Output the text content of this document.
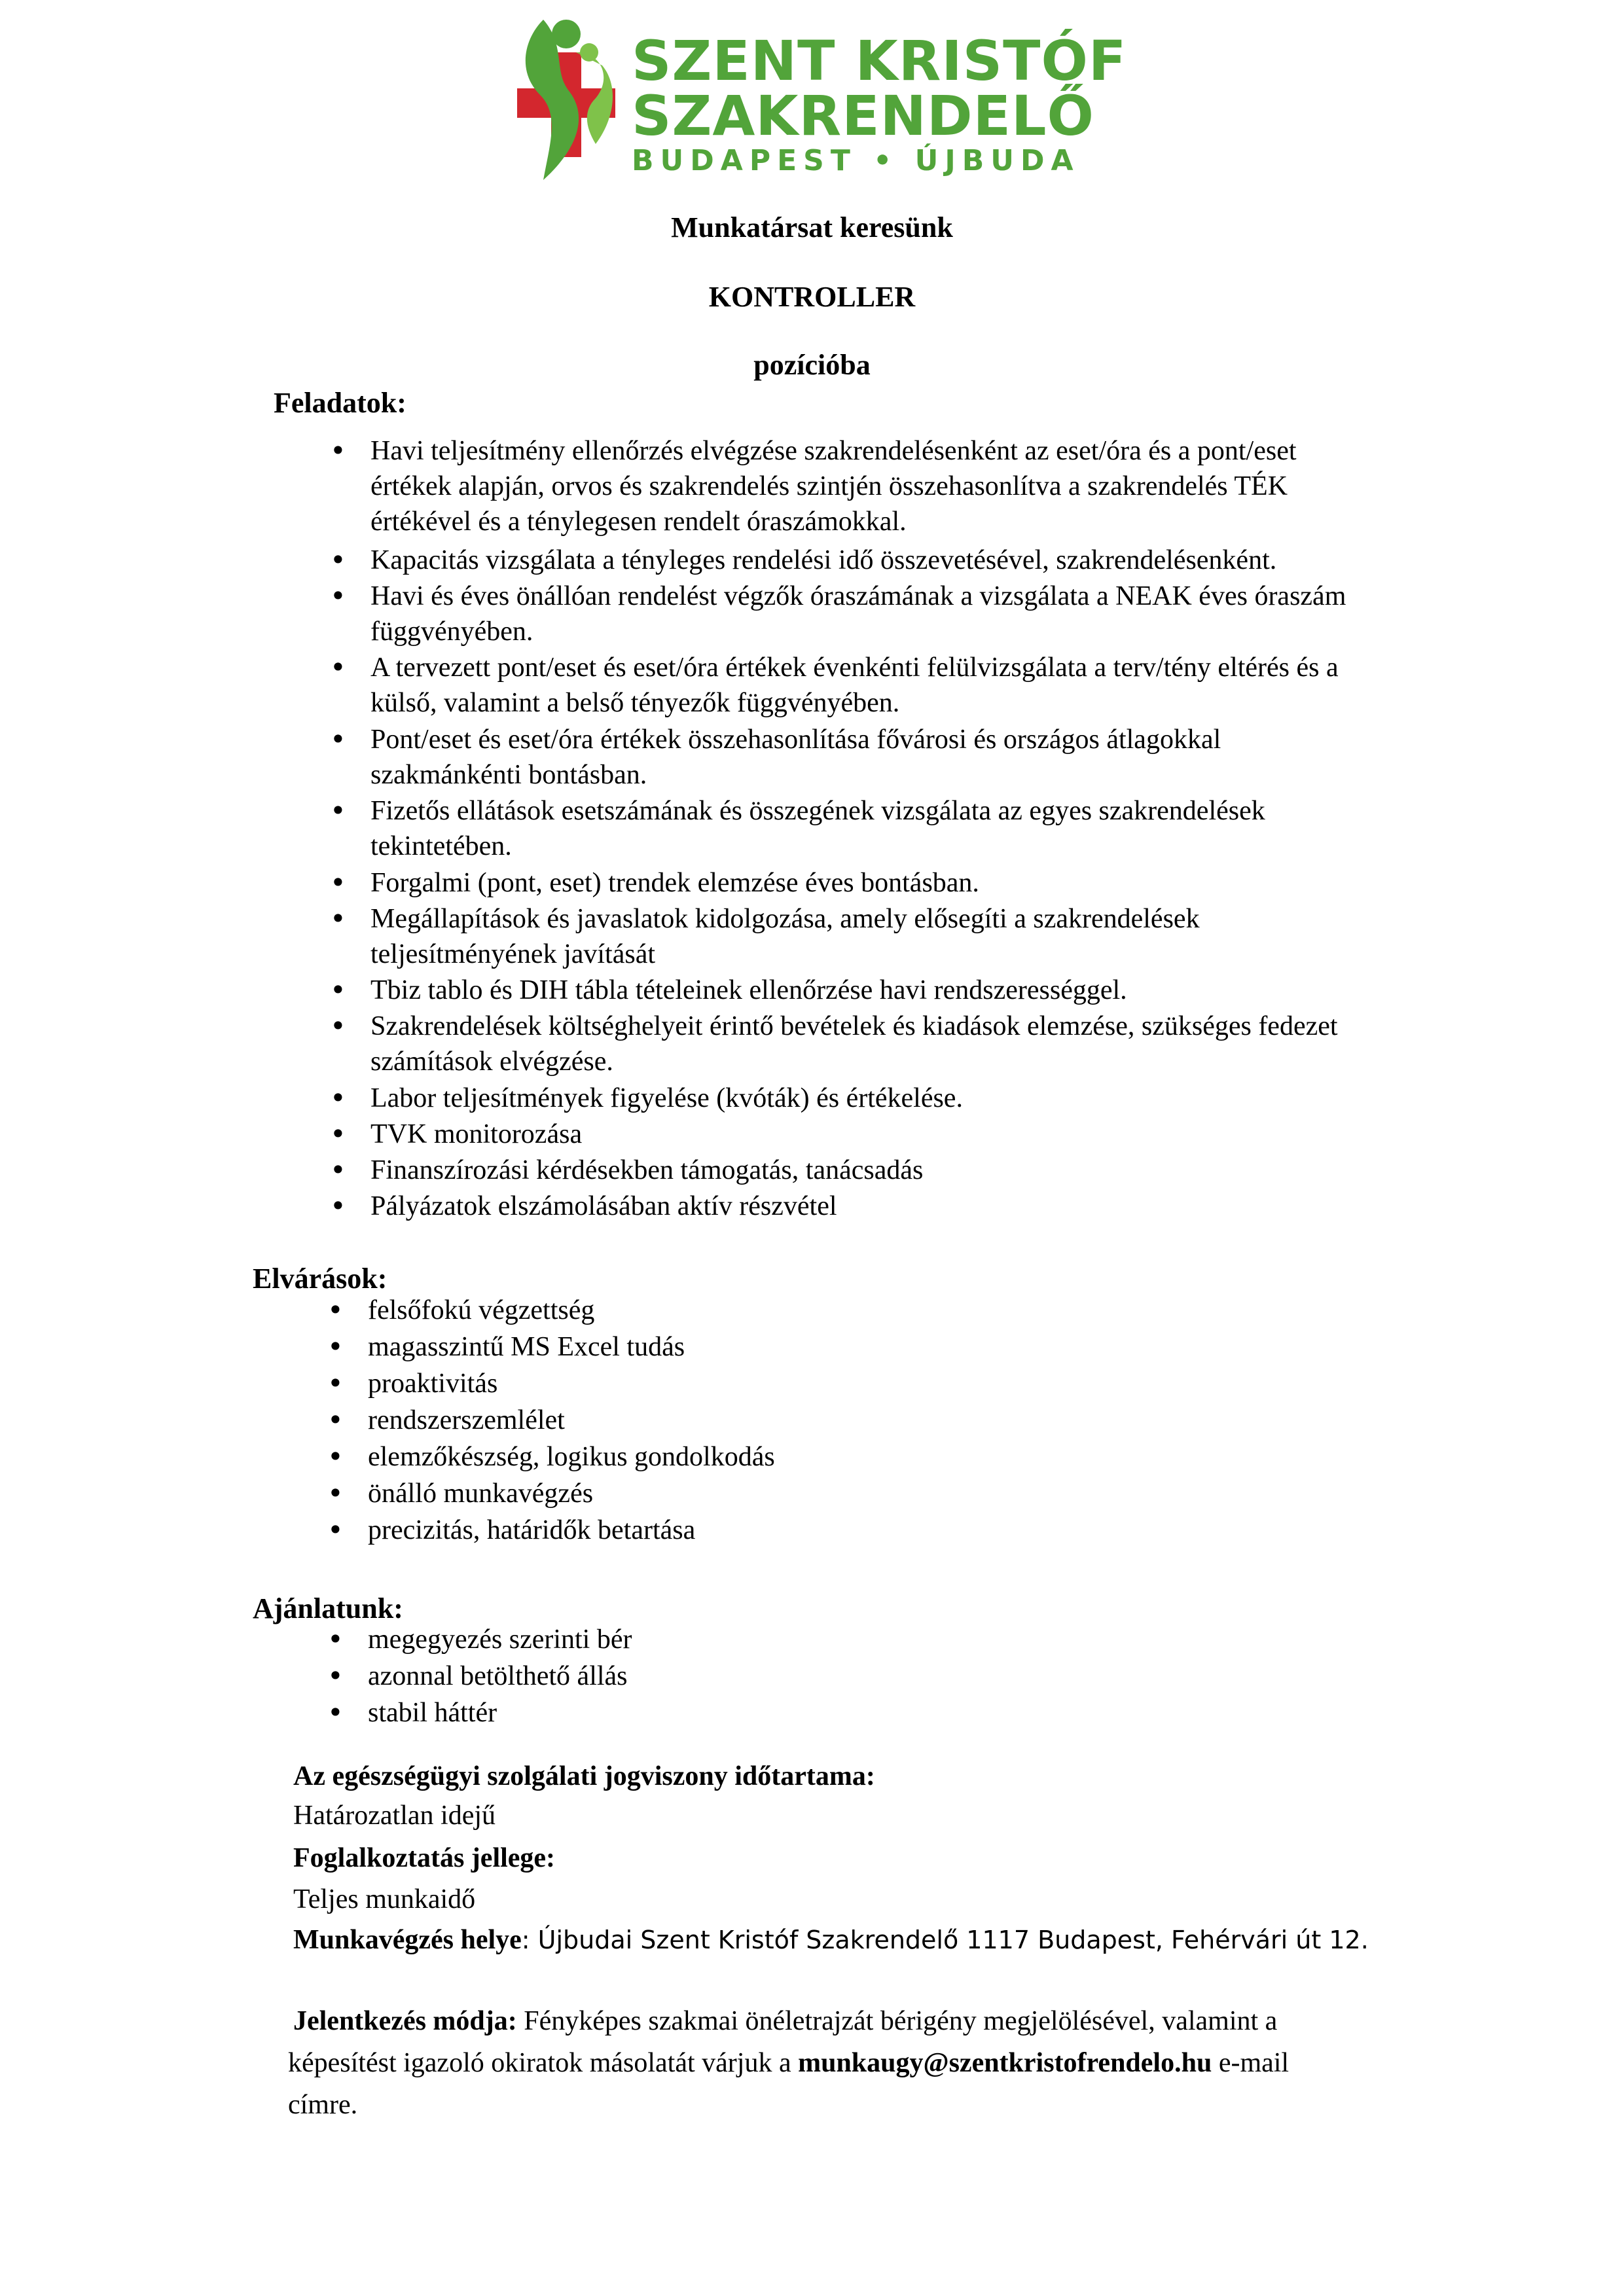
SZENT KRISTÓF
SZAKRENDELŐ
BUDAPEST • ÚJBUDA
Munkatársat keresünk
KONTROLLER
pozícióba
Feladatok:
• Havi teljesítmény ellenőrzés elvégzése szakrendelésenként az eset/óra és a pont/eset
értékek alapján, orvos és szakrendelés szintjén összehasonlítva a szakrendelés TÉK
értékével és a ténylegesen rendelt óraszámokkal.
• Kapacitás vizsgálata a tényleges rendelési idő összevetésével, szakrendelésenként.
• Havi és éves önállóan rendelést végzők óraszámának a vizsgálata a NEAK éves óraszám
függvényében.
• A tervezett pont/eset és eset/óra értékek évenkénti felülvizsgálata a terv/tény eltérés és a
külső, valamint a belső tényezők függvényében.
• Pont/eset és eset/óra értékek összehasonlítása fővárosi és országos átlagokkal
szakmánkénti bontásban.
• Fizetős ellátások esetszámának és összegének vizsgálata az egyes szakrendelések
tekintetében.
• Forgalmi (pont, eset) trendek elemzése éves bontásban.
• Megállapítások és javaslatok kidolgozása, amely elősegíti a szakrendelések
teljesítményének javítását
• Tbiz tablo és DIH tábla tételeinek ellenőrzése havi rendszerességgel.
• Szakrendelések költséghelyeit érintő bevételek és kiadások elemzése, szükséges fedezet
számítások elvégzése.
• Labor teljesítmények figyelése (kvóták) és értékelése.
• TVK monitorozása
• Finanszírozási kérdésekben támogatás, tanácsadás
• Pályázatok elszámolásában aktív részvétel
Elvárások:
• felsőfokú végzettség
• magasszintű MS Excel tudás
• proaktivitás
• rendszerszemlélet
• elemzőkészség, logikus gondolkodás
• önálló munkavégzés
• precizitás, határidők betartása
Ajánlatunk:
• megegyezés szerinti bér
• azonnal betölthető állás
• stabil háttér
Az egészségügyi szolgálati jogviszony időtartama:
Határozatlan idejű
Foglalkoztatás jellege:
Teljes munkaidő
Munkavégzés helye: Újbudai Szent Kristóf Szakrendelő 1117 Budapest, Fehérvári út 12.
Jelentkezés módja: Fényképes szakmai önéletrajzát bérigény megjelölésével, valamint a
képesítést igazoló okiratok másolatát várjuk a munkaugy@szentkristofrendelo.hu e-mail
címre.
